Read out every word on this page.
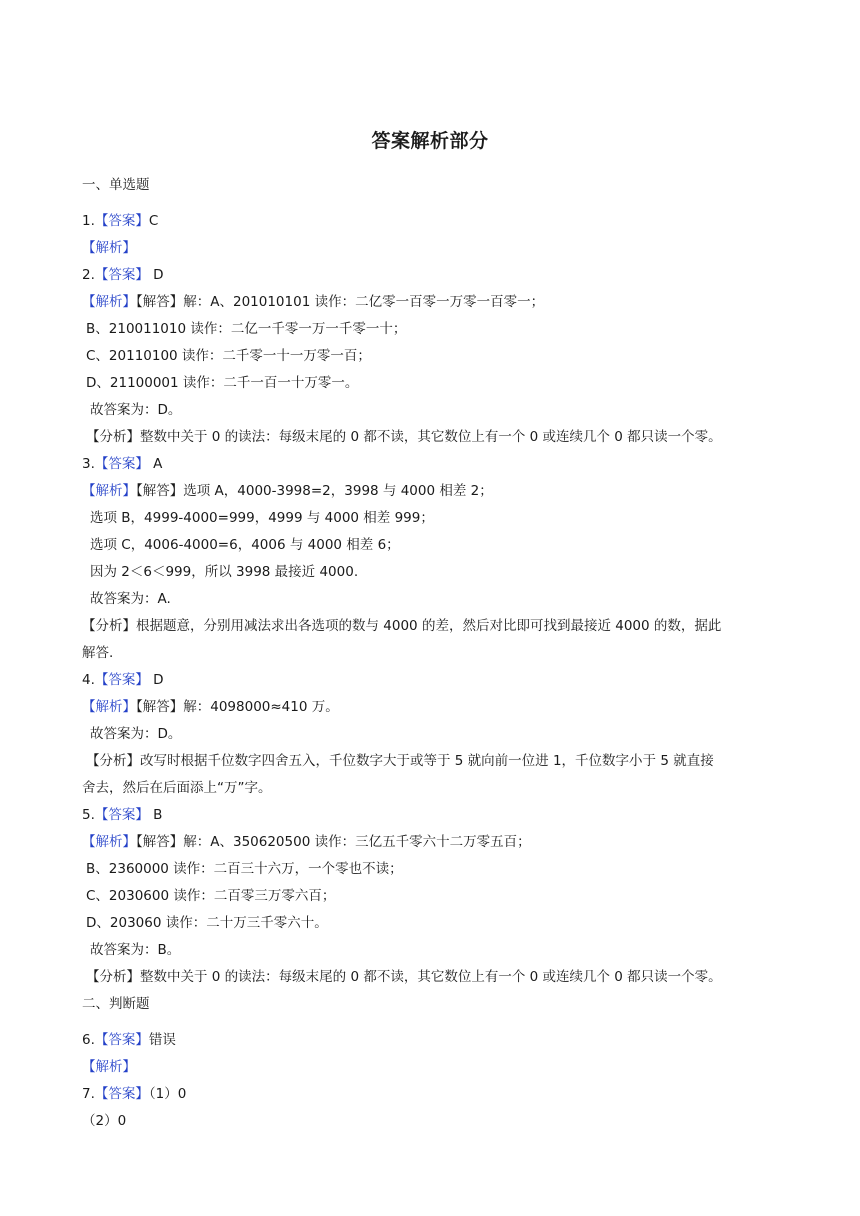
答案解析部分
一、单选题
1.【答案】C
【解析】
2.【答案】 D
【解析】【解答】解：A、201010101 读作：二亿零一百零一万零一百零一；
B、210011010 读作：二亿一千零一万一千零一十；
C、20110100 读作：二千零一十一万零一百；
D、21100001 读作：二千一百一十万零一。
故答案为：D。
【分析】整数中关于 0 的读法：每级末尾的 0 都不读，其它数位上有一个 0 或连续几个 0 都只读一个零。
3.【答案】 A
【解析】【解答】选项 A，4000-3998=2，3998 与 4000 相差 2；
选项 B，4999-4000=999，4999 与 4000 相差 999；
选项 C，4006-4000=6，4006 与 4000 相差 6；
因为 2＜6＜999，所以 3998 最接近 4000.
故答案为：A.
【分析】根据题意，分别用减法求出各选项的数与 4000 的差，然后对比即可找到最接近 4000 的数，据此
解答.
4.【答案】 D
【解析】【解答】解：4098000≈410 万。
故答案为：D。
【分析】改写时根据千位数字四舍五入，千位数字大于或等于 5 就向前一位进 1，千位数字小于 5 就直接
舍去，然后在后面添上“万”字。
5.【答案】 B
【解析】【解答】解：A、350620500 读作：三亿五千零六十二万零五百；
B、2360000 读作：二百三十六万，一个零也不读；
C、2030600 读作：二百零三万零六百；
D、203060 读作：二十万三千零六十。
故答案为：B。
【分析】整数中关于 0 的读法：每级末尾的 0 都不读，其它数位上有一个 0 或连续几个 0 都只读一个零。
二、判断题
6.【答案】错误
【解析】
7.【答案】（1）0
（2）0
